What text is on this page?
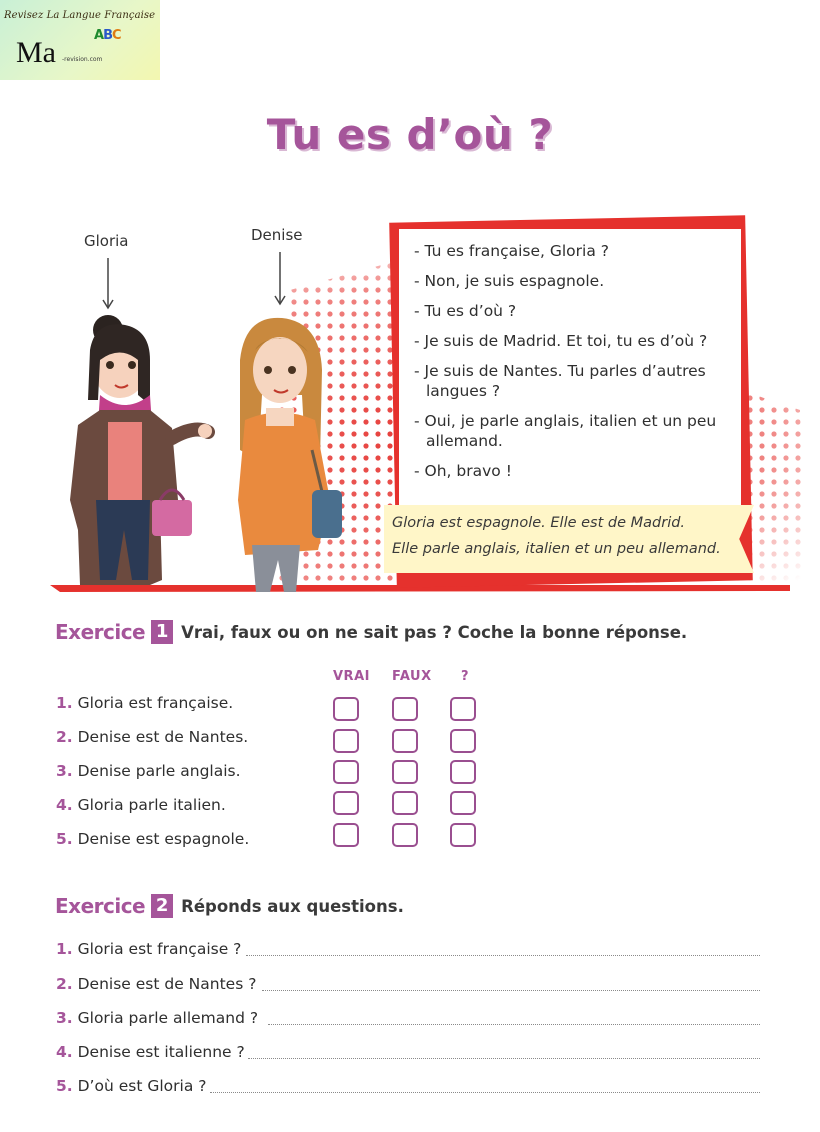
Revisez La Langue Française
Ma
ABC
-revision.com
Tu es d’où ?
Gloria	Denise
- Tu es française, Gloria ?
- Non, je suis espagnole.
- Tu es d’où ?
- Je suis de Madrid. Et toi, tu es d’où ?
- Je suis de Nantes. Tu parles d’autres langues ?
- Oui, je parle anglais, italien et un peu allemand.
- Oh, bravo !
Gloria est espagnole. Elle est de Madrid.
Elle parle anglais, italien et un peu allemand.
Exercice 1 Vrai, faux ou on ne sait pas ? Coche la bonne réponse.
VRAI FAUX ?
1. Gloria est française.
2. Denise est de Nantes.
3. Denise parle anglais.
4. Gloria parle italien.
5. Denise est espagnole.
Exercice 2 Réponds aux questions.
1. Gloria est française ?
2. Denise est de Nantes ?
3. Gloria parle allemand ?
4. Denise est italienne ?
5. D’où est Gloria ?
